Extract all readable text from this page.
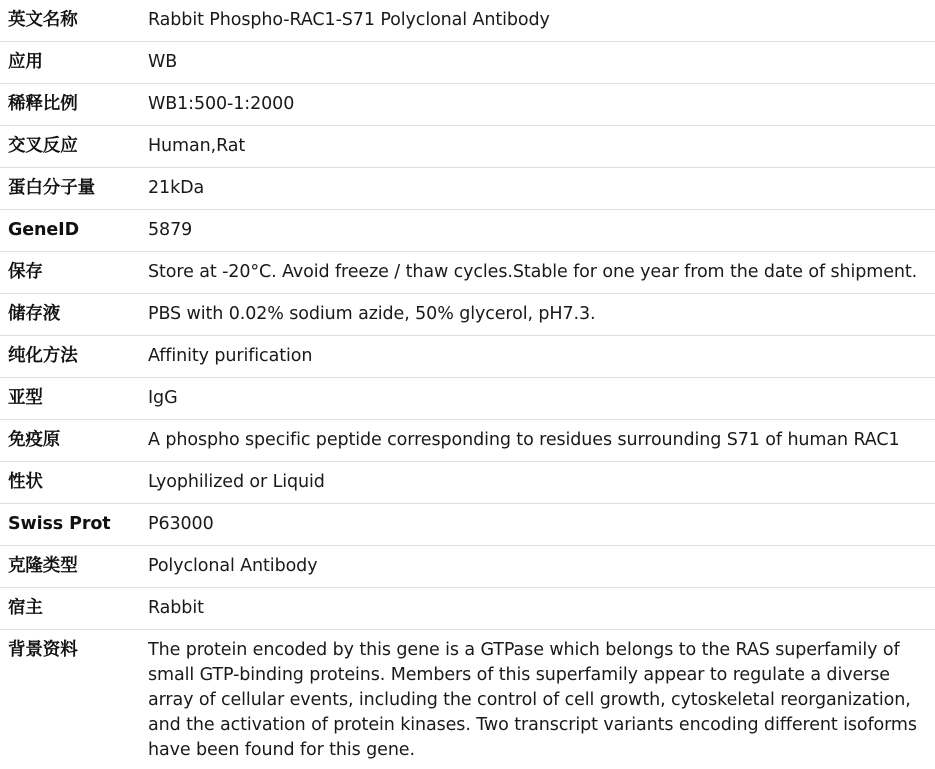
英文名称	Rabbit Phospho-RAC1-S71 Polyclonal Antibody
应用	WB
稀释比例	WB1:500-1:2000
交叉反应	Human,Rat
蛋白分子量	21kDa
GeneID	5879
保存	Store at -20°C. Avoid freeze / thaw cycles.Stable for one year from the date of shipment.
储存液	PBS with 0.02% sodium azide, 50% glycerol, pH7.3.
纯化方法	Affinity purification
亚型	IgG
免疫原	A phospho specific peptide corresponding to residues surrounding S71 of human RAC1
性状	Lyophilized or Liquid
Swiss Prot	P63000
克隆类型	Polyclonal Antibody
宿主	Rabbit
背景资料	The protein encoded by this gene is a GTPase which belongs to the RAS superfamily of small GTP-binding proteins. Members of this superfamily appear to regulate a diverse array of cellular events, including the control of cell growth, cytoskeletal reorganization, and the activation of protein kinases. Two transcript variants encoding different isoforms have been found for this gene.
